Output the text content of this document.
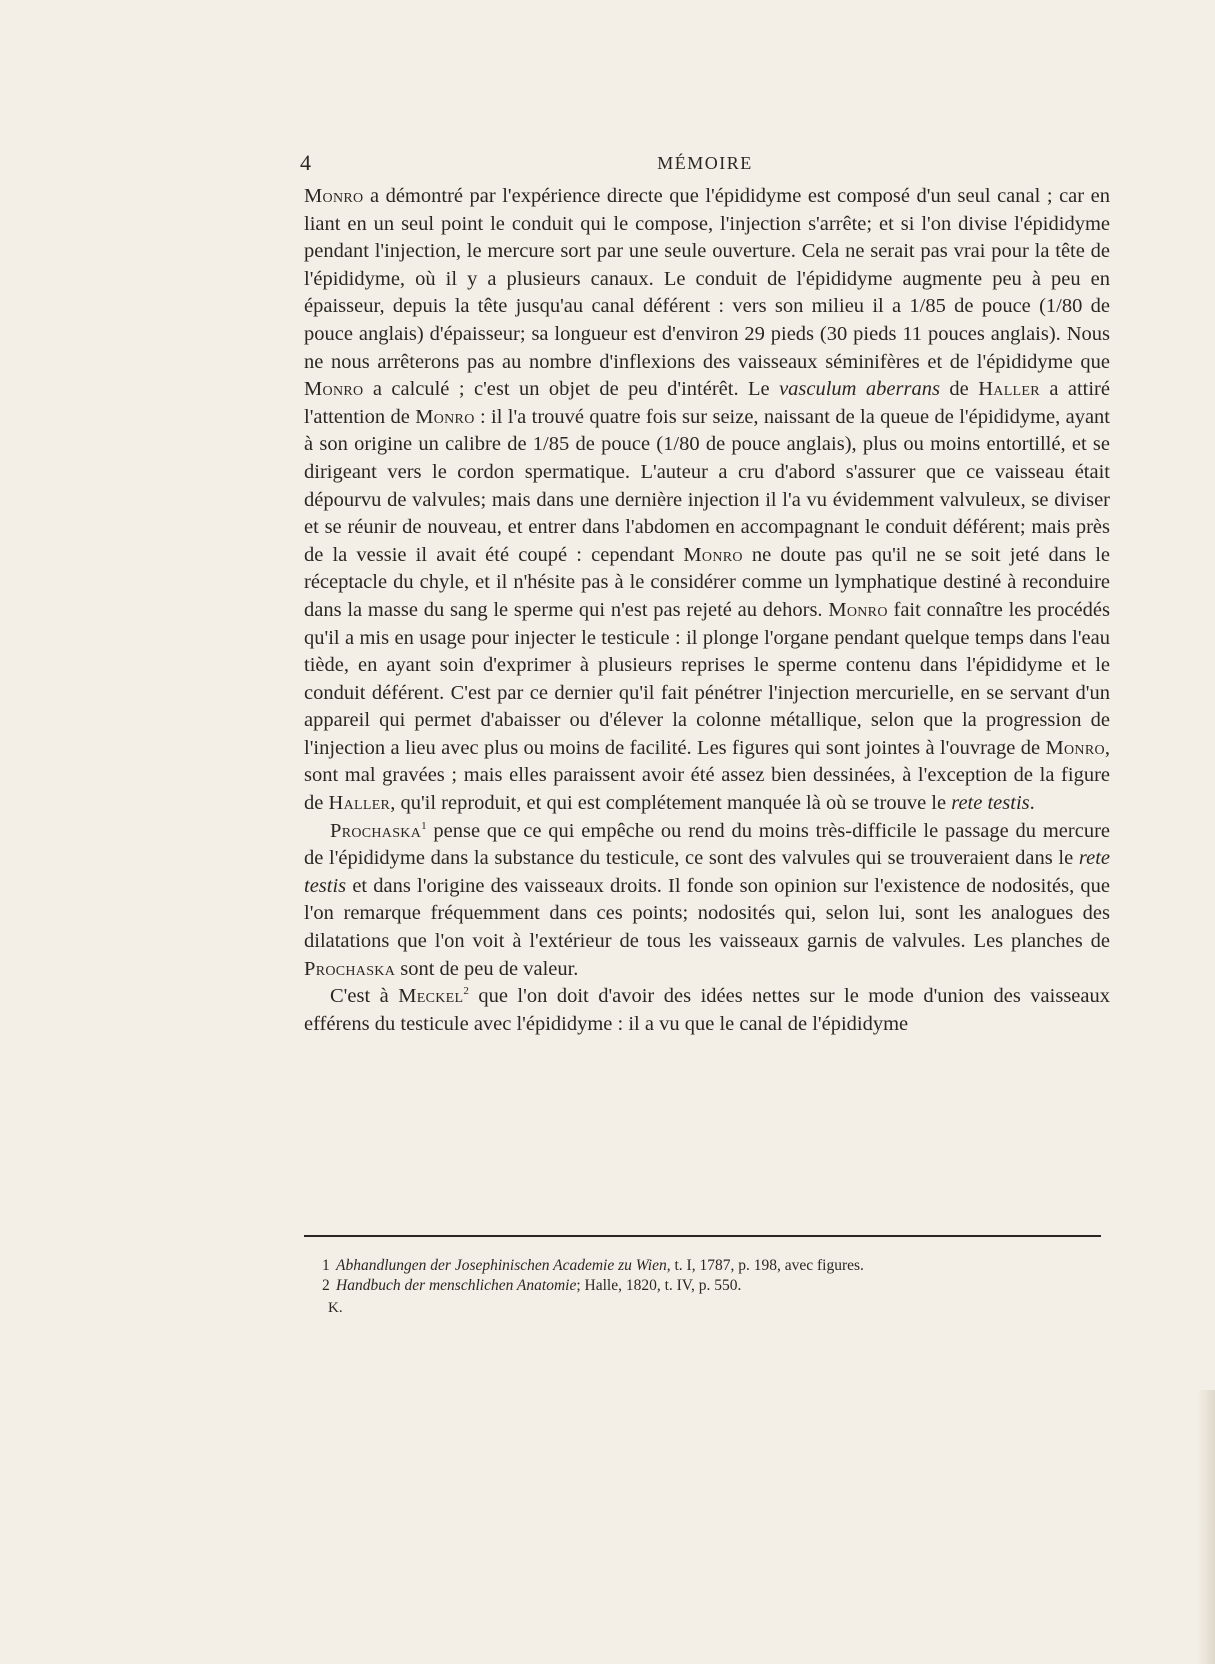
4	MÉMOIRE

Monro a démontré par l'expérience directe que l'épididyme est composé d'un seul canal ; car en liant en un seul point le conduit qui le compose, l'injection s'arrête; et si l'on divise l'épididyme pendant l'injection, le mercure sort par une seule ouverture. Cela ne serait pas vrai pour la tête de l'épididyme, où il y a plusieurs canaux. Le conduit de l'épididyme augmente peu à peu en épaisseur, depuis la tête jusqu'au canal déférent : vers son milieu il a 1/85 de pouce (1/80 de pouce anglais) d'épaisseur; sa longueur est d'environ 29 pieds (30 pieds 11 pouces anglais). Nous ne nous arrêterons pas au nombre d'inflexions des vaisseaux séminifères et de l'épididyme que Monro a calculé ; c'est un objet de peu d'intérêt. Le vasculum aberrans de Haller a attiré l'attention de Monro : il l'a trouvé quatre fois sur seize, naissant de la queue de l'épididyme, ayant à son origine un calibre de 1/85 de pouce (1/80 de pouce anglais), plus ou moins entortillé, et se dirigeant vers le cordon spermatique. L'auteur a cru d'abord s'assurer que ce vaisseau était dépourvu de valvules; mais dans une dernière injection il l'a vu évidemment valvuleux, se diviser et se réunir de nouveau, et entrer dans l'abdomen en accompagnant le conduit déférent; mais près de la vessie il avait été coupé : cependant Monro ne doute pas qu'il ne se soit jeté dans le réceptacle du chyle, et il n'hésite pas à le considérer comme un lymphatique destiné à reconduire dans la masse du sang le sperme qui n'est pas rejeté au dehors. Monro fait connaître les procédés qu'il a mis en usage pour injecter le testicule : il plonge l'organe pendant quelque temps dans l'eau tiède, en ayant soin d'exprimer à plusieurs reprises le sperme contenu dans l'épididyme et le conduit déférent. C'est par ce dernier qu'il fait pénétrer l'injection mercurielle, en se servant d'un appareil qui permet d'abaisser ou d'élever la colonne métallique, selon que la progression de l'injection a lieu avec plus ou moins de facilité. Les figures qui sont jointes à l'ouvrage de Monro, sont mal gravées ; mais elles paraissent avoir été assez bien dessinées, à l'exception de la figure de Haller, qu'il reproduit, et qui est complétement manquée là où se trouve le rete testis.

Prochaska$^1$ pense que ce qui empêche ou rend du moins très-difficile le passage du mercure de l'épididyme dans la substance du testicule, ce sont des valvules qui se trouveraient dans le rete testis et dans l'origine des vaisseaux droits. Il fonde son opinion sur l'existence de nodosités, que l'on remarque fréquemment dans ces points; nodosités qui, selon lui, sont les analogues des dilatations que l'on voit à l'extérieur de tous les vaisseaux garnis de valvules. Les planches de Prochaska sont de peu de valeur.

C'est à Meckel$^2$ que l'on doit d'avoir des idées nettes sur le mode d'union des vaisseaux efférens du testicule avec l'épididyme : il a vu que le canal de l'épididyme

1 Abhandlungen der Josephinischen Academie zu Wien, t. I, 1787, p. 198, avec figures.

2 Handbuch der menschlichen Anatomie; Halle, 1820, t. IV, p. 550.

K.
